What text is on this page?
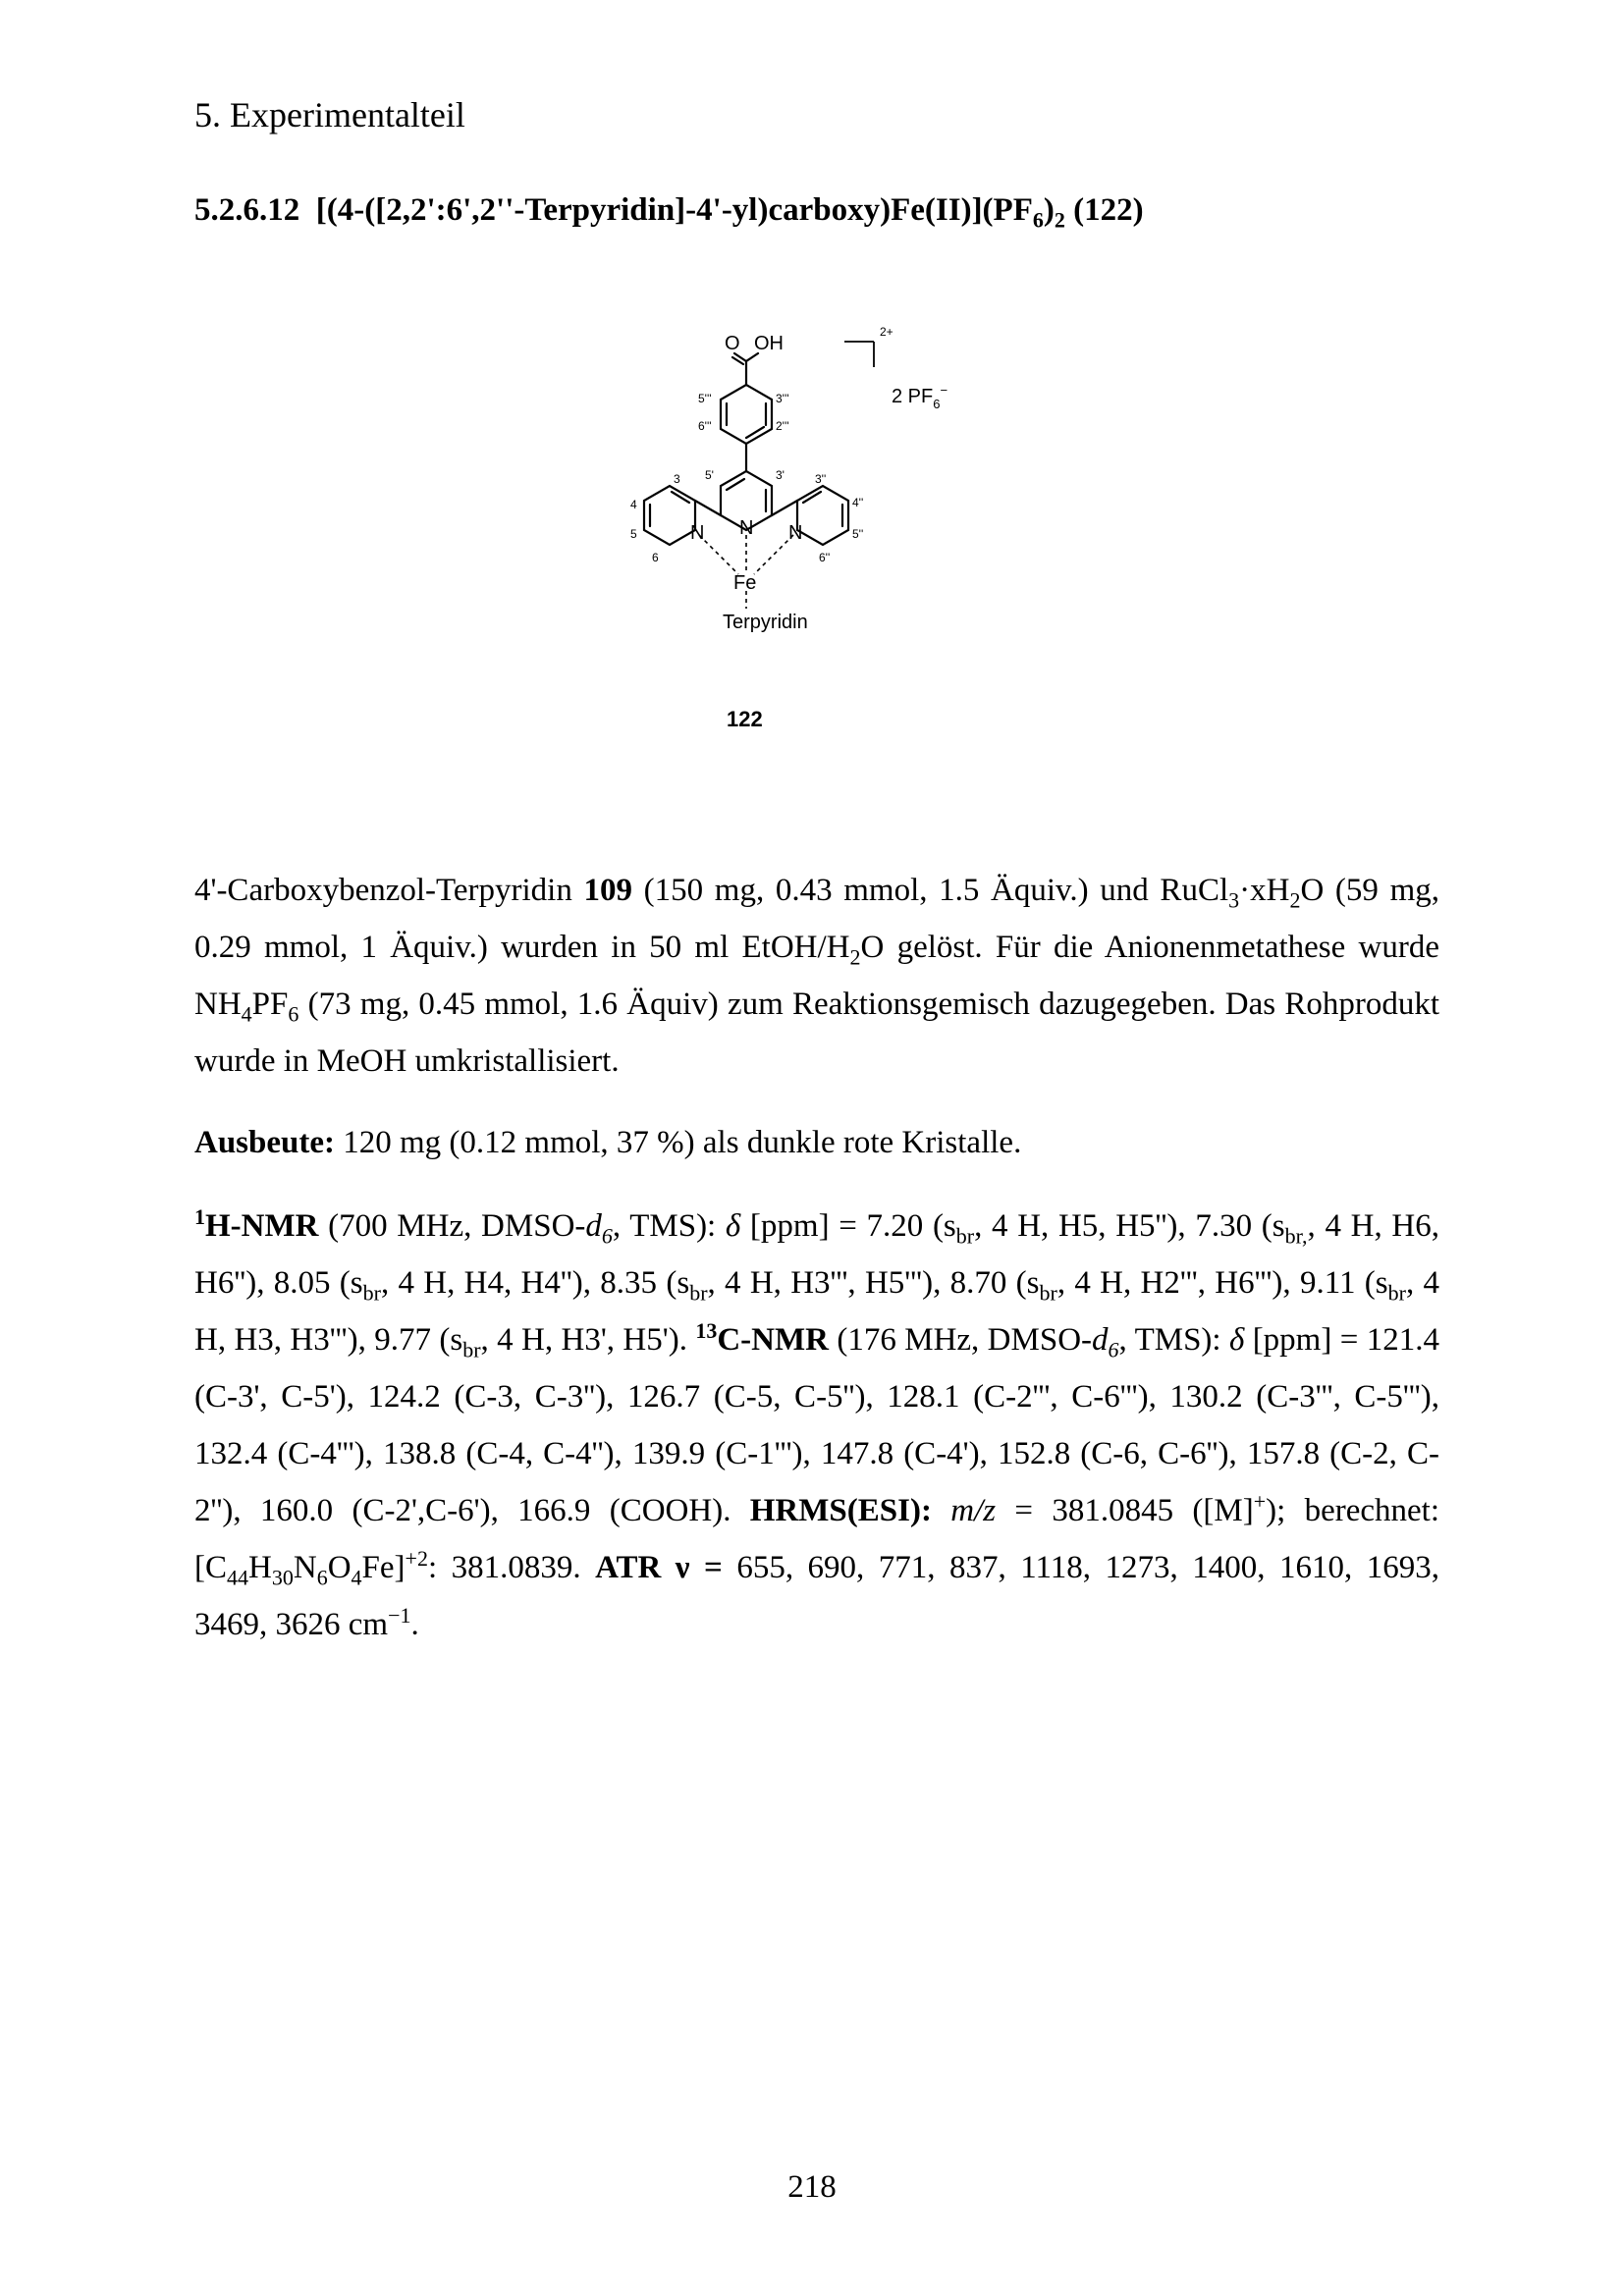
5. Experimentalteil
5.2.6.12 $[(4-([2,2':6',2''-Terpyridin]-4'-yl)carboxy)Fe(II)](PF_6)_2$ (122)
O OH
2+
2 $PF_6^-$
5'''	3'''
6'''	2'''
5'	3'
3	3''
4	4''
5	5''
6	6''
N N N
Fe
Terpyridin
122
4'-Carboxybenzol-Terpyridin 109 (150 mg, 0.43 mmol, 1.5 Äquiv.) und $RuCl_3\cdot xH_2O$ (59 mg, 0.29 mmol, 1 Äquiv.) wurden in 50 ml EtOH/$H_2O$ gelöst. Für die Anionenmetathese wurde $NH_4PF_6$ (73 mg, 0.45 mmol, 1.6 Äquiv) zum Reaktionsgemisch dazugegeben. Das Rohprodukt wurde in MeOH umkristallisiert.
Ausbeute: 120 mg (0.12 mmol, 37 %) als dunkle rote Kristalle.
$^1$H-NMR (700 MHz, DMSO-$d_6$, TMS): δ [ppm] = 7.20 ($s_{br}$, 4 H, H5, H5''), 7.30 ($s_{br,}$, 4 H, H6, H6''), 8.05 ($s_{br}$, 4 H, H4, H4''), 8.35 ($s_{br}$, 4 H, H3''', H5'''), 8.70 ($s_{br}$, 4 H, H2''', H6'''), 9.11 ($s_{br}$, 4 H, H3, H3'''), 9.77 ($s_{br}$, 4 H, H3', H5'). $^{13}$C-NMR (176 MHz, DMSO-$d_6$, TMS): δ [ppm] = 121.4 (C-3', C-5'), 124.2 (C-3, C-3''), 126.7 (C-5, C-5''), 128.1 (C-2''', C-6'''), 130.2 (C-3''', C-5'''), 132.4 (C-4'''), 138.8 (C-4, C-4''), 139.9 (C-1'''), 147.8 (C-4'), 152.8 (C-6, C-6''), 157.8 (C-2, C-2''), 160.0 (C-2',C-6'), 166.9 (COOH). HRMS(ESI): m/z = 381.0845 ([M]+); berechnet: $[C_{44}H_{30}N_6O_4Fe]^{+2}$: 381.0839. ATR ν = 655, 690, 771, 837, 1118, 1273, 1400, 1610, 1693, 3469, 3626 $cm^{-1}$.
218
